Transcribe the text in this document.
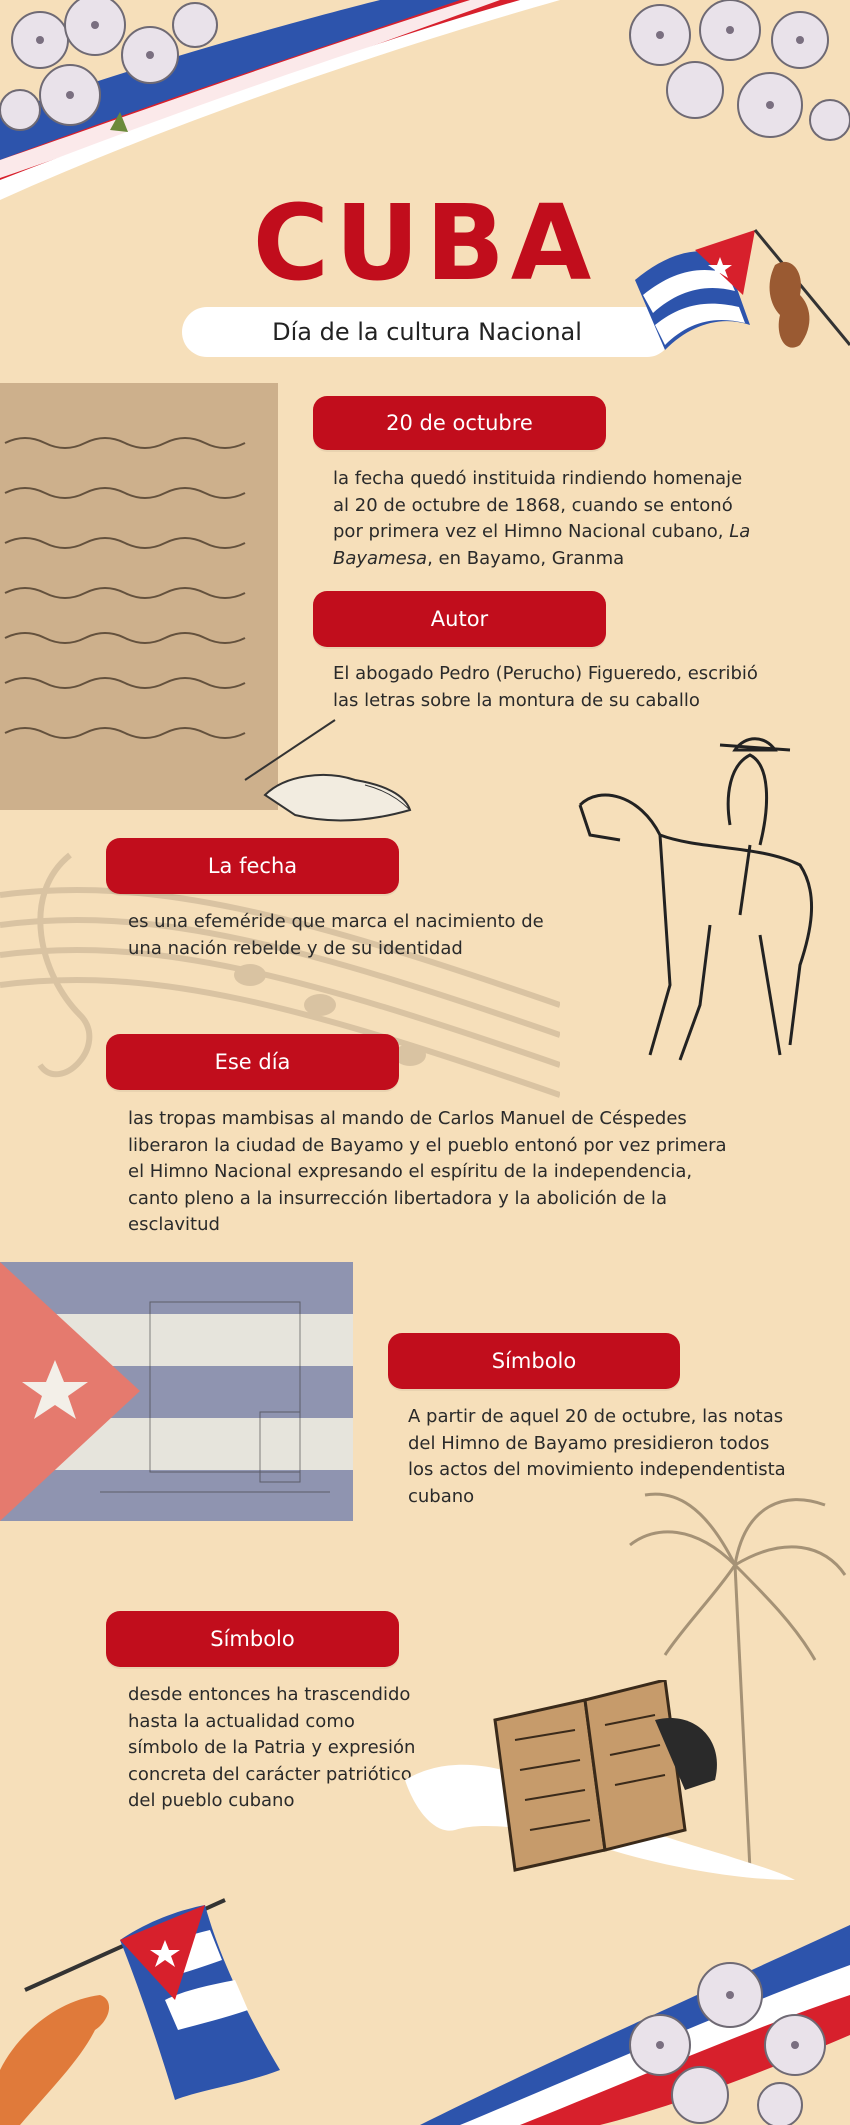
CUBA
Día de la cultura Nacional
20 de octubre
la fecha quedó instituida rindiendo homenaje al 20 de octubre de 1868, cuando se entonó por primera vez el Himno Nacional cubano, La Bayamesa, en Bayamo, Granma
Autor
El abogado Pedro (Perucho) Figueredo, escribió las letras sobre la montura de su caballo
La fecha
es una efeméride que marca el nacimiento de una nación rebelde y de su identidad
Ese día
las tropas mambisas al mando de Carlos Manuel de Céspedes liberaron la ciudad de Bayamo y el pueblo entonó por vez primera el Himno Nacional expresando el espíritu de la independencia, canto pleno a la insurrección libertadora y la abolición de la esclavitud
Símbolo
A partir de aquel 20 de octubre, las notas del Himno de Bayamo presidieron todos los actos del movimiento independentista cubano
Símbolo
desde entonces ha trascendido hasta la actualidad como símbolo de la Patria y expresión concreta del carácter patriótico del pueblo cubano
